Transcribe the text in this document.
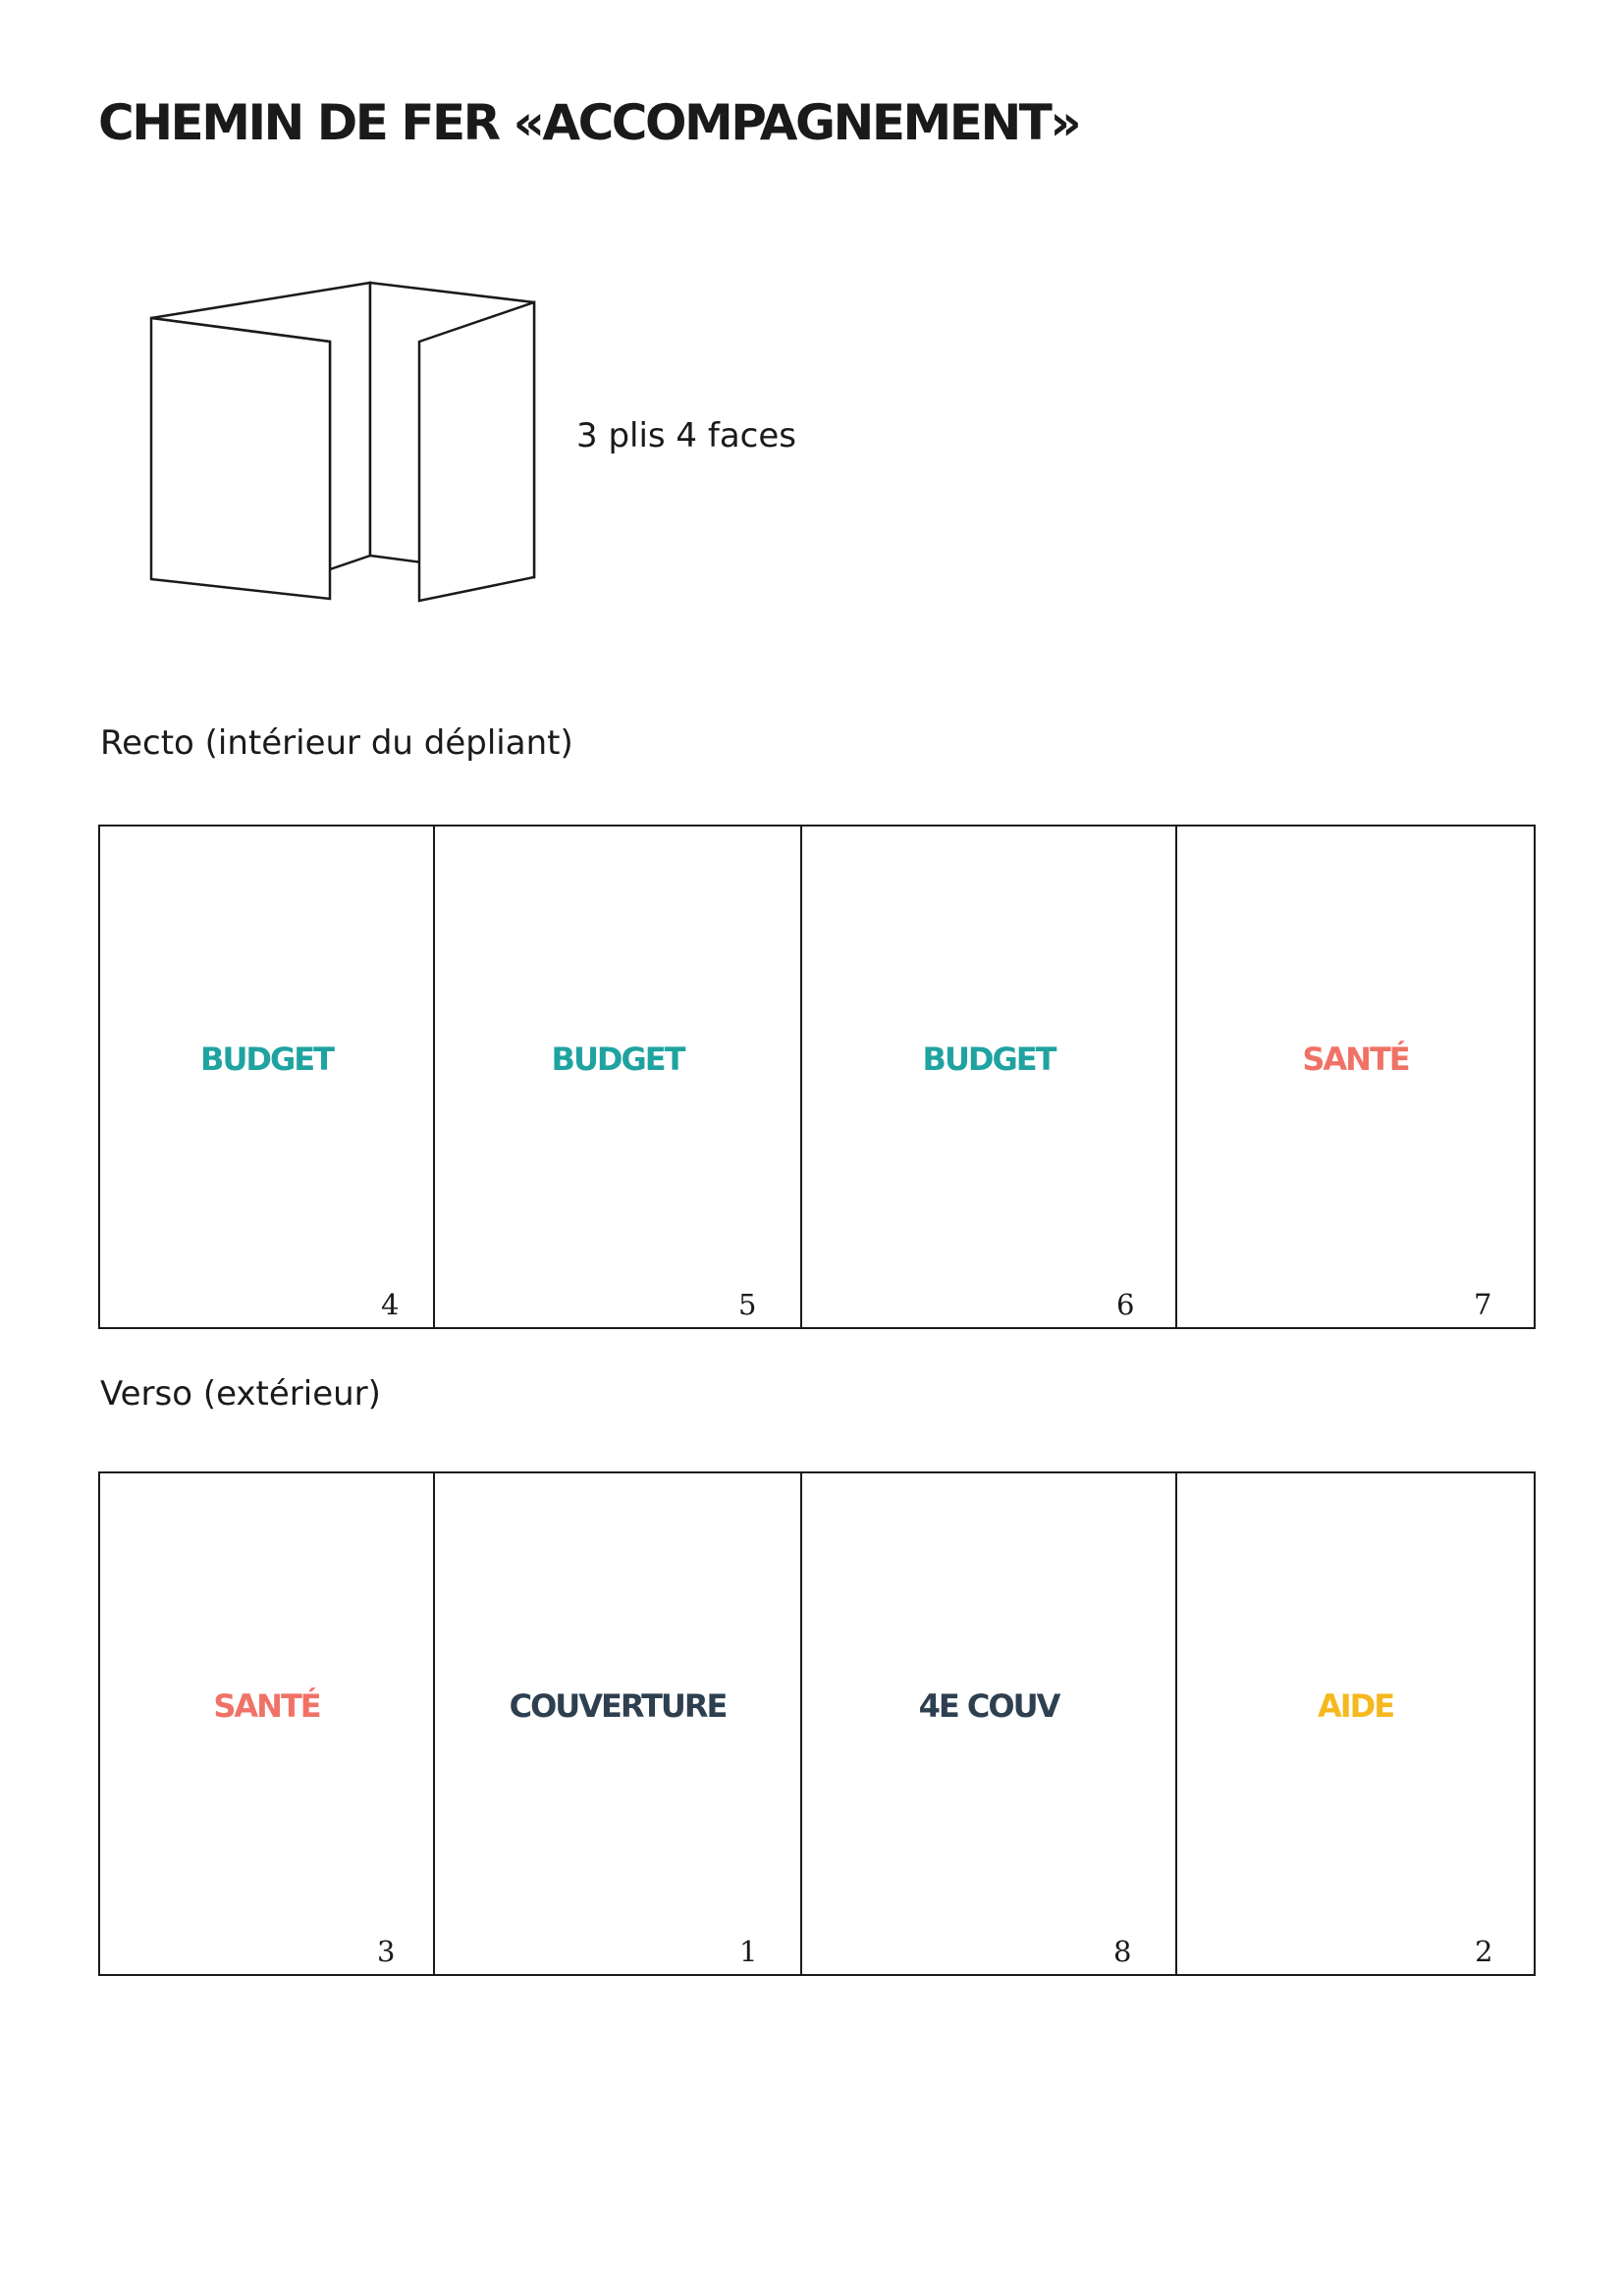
CHEMIN DE FER «ACCOMPAGNEMENT»
3 plis 4 faces
Recto (intérieur du dépliant)
BUDGET
4
BUDGET
5
BUDGET
6
SANTÉ
7
Verso (extérieur)
SANTÉ
3
COUVERTURE
1
4E COUV
8
AIDE
2
